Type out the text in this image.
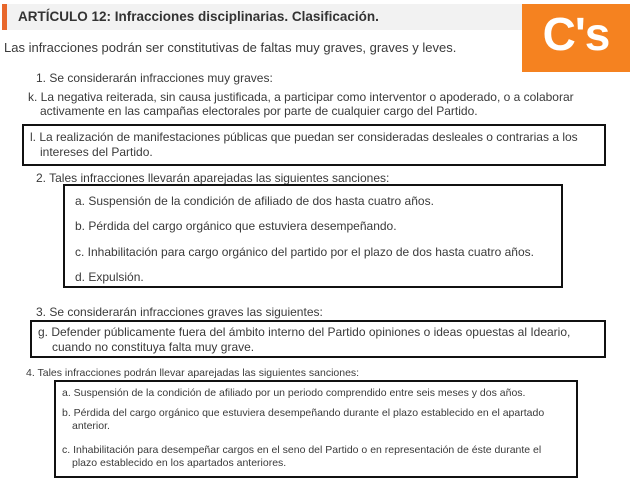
ARTÍCULO 12: Infracciones disciplinarias. Clasificación.	C's
Las infracciones podrán ser constitutivas de faltas muy graves, graves y leves.
1. Se considerarán infracciones muy graves:
k. La negativa reiterada, sin causa justificada, a participar como interventor o apoderado, o a colaborar
activamente en las campañas electorales por parte de cualquier cargo del Partido.
l. La realización de manifestaciones públicas que puedan ser consideradas desleales o contrarias a los
intereses del Partido.
2. Tales infracciones llevarán aparejadas las siguientes sanciones:
a. Suspensión de la condición de afiliado de dos hasta cuatro años.
b. Pérdida del cargo orgánico que estuviera desempeñando.
c. Inhabilitación para cargo orgánico del partido por el plazo de dos hasta cuatro años.
d. Expulsión.
3. Se considerarán infracciones graves las siguientes:
g. Defender públicamente fuera del ámbito interno del Partido opiniones o ideas opuestas al Ideario,
cuando no constituya falta muy grave.
4. Tales infracciones podrán llevar aparejadas las siguientes sanciones:
a. Suspensión de la condición de afiliado por un periodo comprendido entre seis meses y dos años.
b. Pérdida del cargo orgánico que estuviera desempeñando durante el plazo establecido en el apartado
anterior.
c. Inhabilitación para desempeñar cargos en el seno del Partido o en representación de éste durante el
plazo establecido en los apartados anteriores.
